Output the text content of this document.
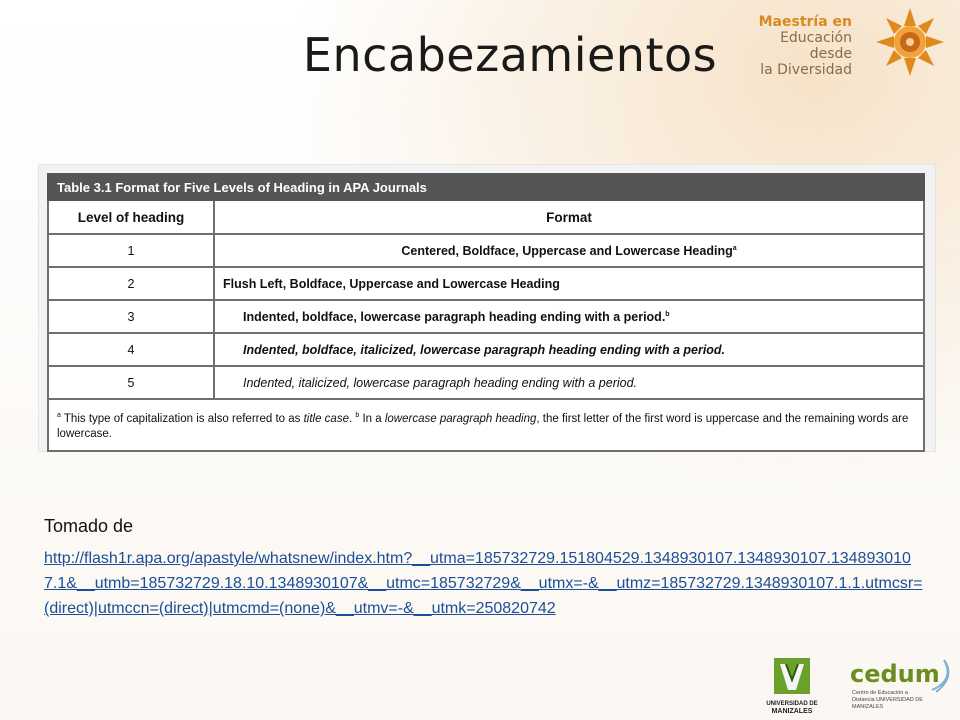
Encabezamientos
Maestría en
Educación desde
la Diversidad
Table 3.1 Format for Five Levels of Heading in APA Journals	
Level of heading	Format
1	Centered, Boldface, Uppercase and Lowercase Heading$^a$
2	Flush Left, Boldface, Uppercase and Lowercase Heading
3	Indented, boldface, lowercase paragraph heading ending with a period.$^b$
4	Indented, boldface, italicized, lowercase paragraph heading ending with a period.
5	Indented, italicized, lowercase paragraph heading ending with a period.
$^a$ This type of capitalization is also referred to as title case. $^b$ In a lowercase paragraph heading, the first letter of the first word is uppercase and the remaining words are lowercase.	
Tomado de
http://flash1r.apa.org/apastyle/whatsnew/index.htm?__utma=185732729.151804529.1348930107.1348930107.1348930107.1&__utmb=185732729.18.10.1348930107&__utmc=185732729&__utmx=-&__utmz=185732729.1348930107.1.1.utmcsr=(direct)|utmccn=(direct)|utmcmd=(none)&__utmv=-&__utmk=250820742
UNIVERSIDAD DE
MANIZALES
cedum
Centro de Educación a Distancia UNIVERSIDAD DE MANIZALES
